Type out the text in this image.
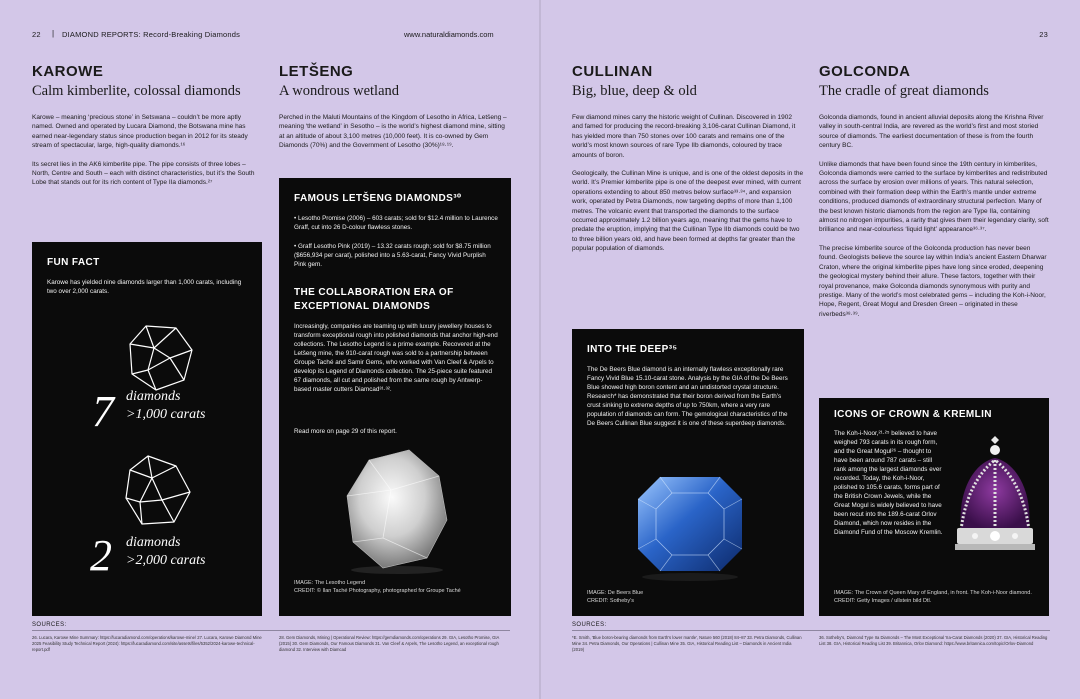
22 | DIAMOND REPORTS: Record-Breaking Diamonds	www.naturaldiamonds.com
KAROWE
Calm kimberlite, colossal diamonds

Karowe – meaning ‘precious stone’ in Setswana – couldn’t be more aptly named. Owned and operated by Lucara Diamond, the Botswana mine has earned near-legendary status since production began in 2012 for its steady stream of spectacular, large, high-quality diamonds.¹⁶

Its secret lies in the AK6 kimberlite pipe. The pipe consists of three lobes – North, Centre and South – each with distinct characteristics, but it’s the South Lobe that stands out for its rich content of Type IIa diamonds.²⁷

FUN FACT
Karowe has yielded nine diamonds larger than 1,000 carats, including two over 2,000 carats.
7 diamonds
>1,000 carats
2 diamonds
>2,000 carats
LETŠENG
A wondrous wetland
Perched in the Maluti Mountains of the Kingdom of Lesotho in Africa, Letšeng – meaning ‘the wetland’ in Sesotho – is the world’s highest diamond mine, sitting at an altitude of about 3,100 metres (10,000 feet). It is co-owned by Gem Diamonds (70%) and the Government of Lesotho (30%)¹⁸·¹⁹.
FAMOUS LETŠENG DIAMONDS³⁰
• Lesotho Promise (2006) – 603 carats; sold for $12.4 million to Laurence Graff, cut into 26 D-colour flawless stones.
• Graff Lesotho Pink (2019) – 13.32 carats rough; sold for $8.75 million ($656,934 per carat), polished into a 5.63-carat, Fancy Vivid Purplish Pink gem.
THE COLLABORATION ERA OF
EXCEPTIONAL DIAMONDS
Increasingly, companies are teaming up with luxury jewellery houses to transform exceptional rough into polished diamonds that anchor high-end collections. The Lesotho Legend is a prime example. Recovered at the Letšeng mine, the 910-carat rough was sold to a partnership between Groupe Taché and Samir Gems, who worked with Van Cleef & Arpels to develop its Legend of Diamonds collection. The 25-piece suite featured 67 diamonds, all cut and polished from the same rough by Antwerp-based master cutters Diamcad³¹·³².
Read more on page 29 of this report.
IMAGE: The Lesotho Legend
CREDIT: © Ilan Taché Photography, photographed for Groupe Taché
SOURCES:
26. Lucara, Karowe Mine Summary: https://lucaradiamond.com/operations/karowe-mine/ 27. Lucara, Karowe Diamond Mine 2025 Feasibility Study Technical Report (2024): https://lucaradiamond.com/site/assets/files/5352/2024-karowe-technical-report.pdf
28. Gem Diamonds, Mining | Operational Review: https://gemdiamonds.com/operations 29. GIA, Lesotho Promise, GIA (2015) 30. Gem Diamonds, Our Famous Diamonds 31. Van Cleef & Arpels, The Lesotho Legend, an exceptional rough diamond 32. Interview with Diamcad
23
CULLINAN
Big, blue, deep & old

Few diamond mines carry the historic weight of Cullinan. Discovered in 1902 and famed for producing the record-breaking 3,106-carat Cullinan Diamond, it has yielded more than 750 stones over 100 carats and remains one of the world’s most known sources of rare Type IIb diamonds, coloured by trace amounts of boron.

Geologically, the Cullinan Mine is unique, and is one of the oldest deposits in the world. It’s Premier kimberlite pipe is one of the deepest ever mined, with current operations extending to about 850 metres below surface³³·³⁴, and expansion work, operated by Petra Diamonds, now targeting depths of more than 1,100 metres. The volcanic event that transported the diamonds to the surface occurred approximately 1.2 billion years ago, meaning that the gems have to predate the eruption, implying that the Cullinan Type IIb diamonds could be two to three billion years old, and have been formed at depths far greater than the popular population of diamonds.

INTO THE DEEP³⁵
The De Beers Blue diamond is an internally flawless exceptionally rare Fancy Vivid Blue 15.10-carat stone. Analysis by the GIA of the De Beers Blue showed high boron content and an undistorted crystal structure. Research* has demonstrated that their boron derived from the Earth’s crust sinking to extreme depths of up to 750km, where a very rare population of diamonds can form. The gemological characteristics of the De Beers Cullinan Blue suggest it is one of these superdeep diamonds.
IMAGE: De Beers Blue
CREDIT: Sotheby’s
GOLCONDA
The cradle of great diamonds

Golconda diamonds, found in ancient alluvial deposits along the Krishna River valley in south-central India, are revered as the world’s first and most storied source of diamonds. The earliest documentation of these is from the fourth century BC.

Unlike diamonds that have been found since the 19th century in kimberlites, Golconda diamonds were carried to the surface by kimberlites and redistributed across the surface by erosion over millions of years. This natural selection, combined with their formation deep within the Earth’s mantle under extreme conditions, produced diamonds of extraordinary structural perfection. Many of the best known historic diamonds from the region are Type IIa, containing almost no nitrogen impurities, a rarity that gives them their legendary clarity, soft brilliance and near-colourless ‘liquid light’ appearance³⁶·³⁷.

The precise kimberlite source of the Golconda production has never been found. Geologists believe the source lay within India’s ancient Eastern Dharwar Craton, where the original kimberlite pipes have long since eroded, deepening the geological mystery behind their allure. These factors, together with their royal provenance, make Golconda diamonds synonymous with purity and prestige. Many of the world’s most celebrated gems – including the Koh-i-Noor, Hope, Regent, Great Mogul and Dresden Green – originated in these riverbeds³⁸·³⁹.

ICONS OF CROWN & KREMLIN
The Koh-i-Noor,²¹·²⁵ believed to have weighed 793 carats in its rough form, and the Great Mogul²⁶ – thought to have been around 787 carats – still rank among the largest diamonds ever recorded. Today, the Koh-i-Noor, polished to 105.6 carats, forms part of the British Crown Jewels, while the Great Mogul is widely believed to have been recut into the 189.6-carat Orlov Diamond, which now resides in the Diamond Fund of the Moscow Kremlin.
IMAGE: The Crown of Queen Mary of England, in front. The Koh-i-Noor diamond. CREDIT: Getty Images / ullstein bild Dtl.
SOURCES:
*E. Smith, 'Blue boron-bearing diamonds from Earth's lower mantle', Nature 560 (2018) 84–87 33. Petra Diamonds, Cullinan Mine 34. Petra Diamonds, Our Operations | Cullinan Mine 35. GIA, Historical Reading List – Diamonds in Ancient India (2019)
36. Sotheby's, Diamond Type IIa Diamonds – The Most Exceptional 'IIa-Carat Diamonds (2020) 37. GIA, Historical Reading List 38. GIA, Historical Reading List 39. Britannica, Orlov Diamond: https://www.britannica.com/topic/Orlov-Diamond
